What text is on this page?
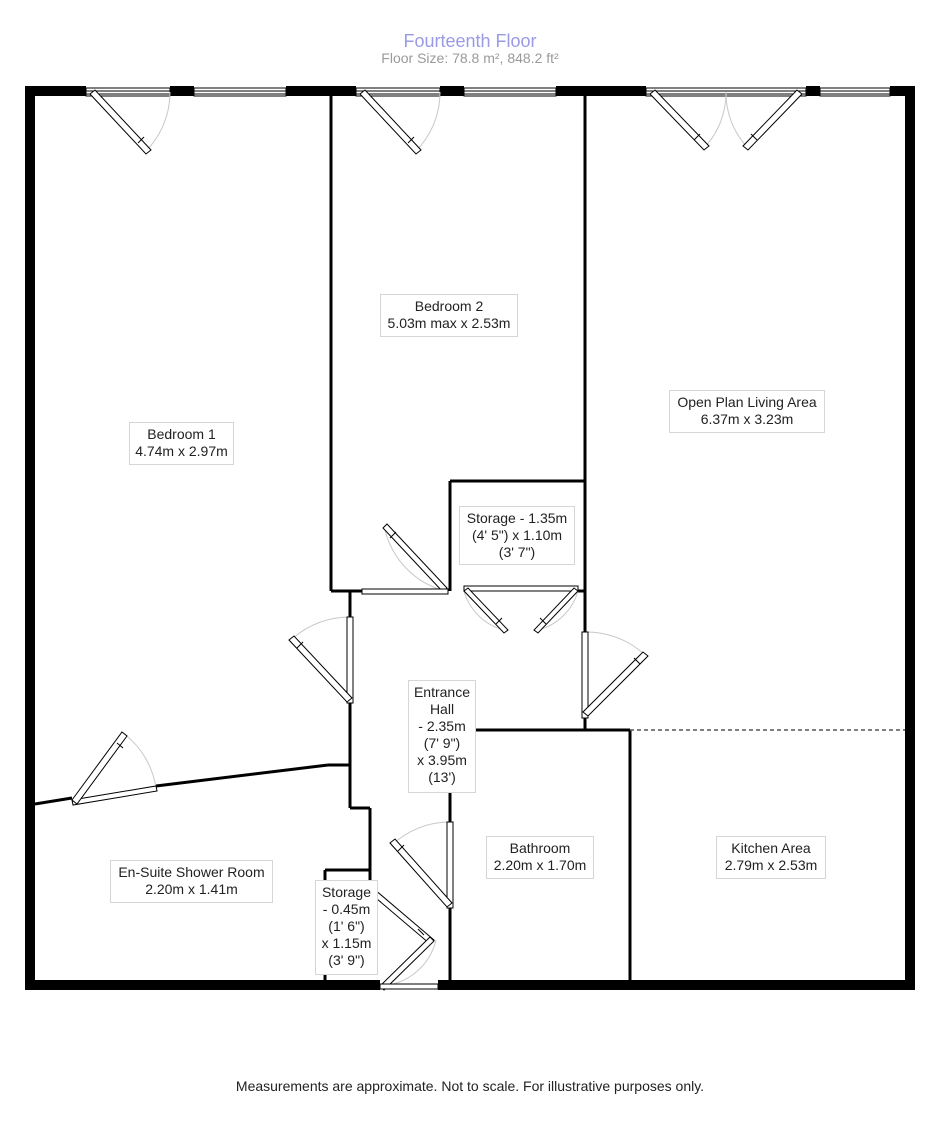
Fourteenth Floor
Floor Size: 78.8 m², 848.2 ft²
Bedroom 1
4.74m x 2.97m
Bedroom 2
5.03m max x 2.53m
Open Plan Living Area
6.37m x 3.23m
Storage - 1.35m
(4' 5") x 1.10m
(3' 7")
Entrance
Hall
- 2.35m
(7' 9")
x 3.95m
(13')
En-Suite Shower Room
2.20m x 1.41m	Storage
- 0.45m
(1' 6")
x 1.15m
(3' 9")
Bathroom
2.20m x 1.70m
Kitchen Area
2.79m x 2.53m
Measurements are approximate. Not to scale. For illustrative purposes only.
